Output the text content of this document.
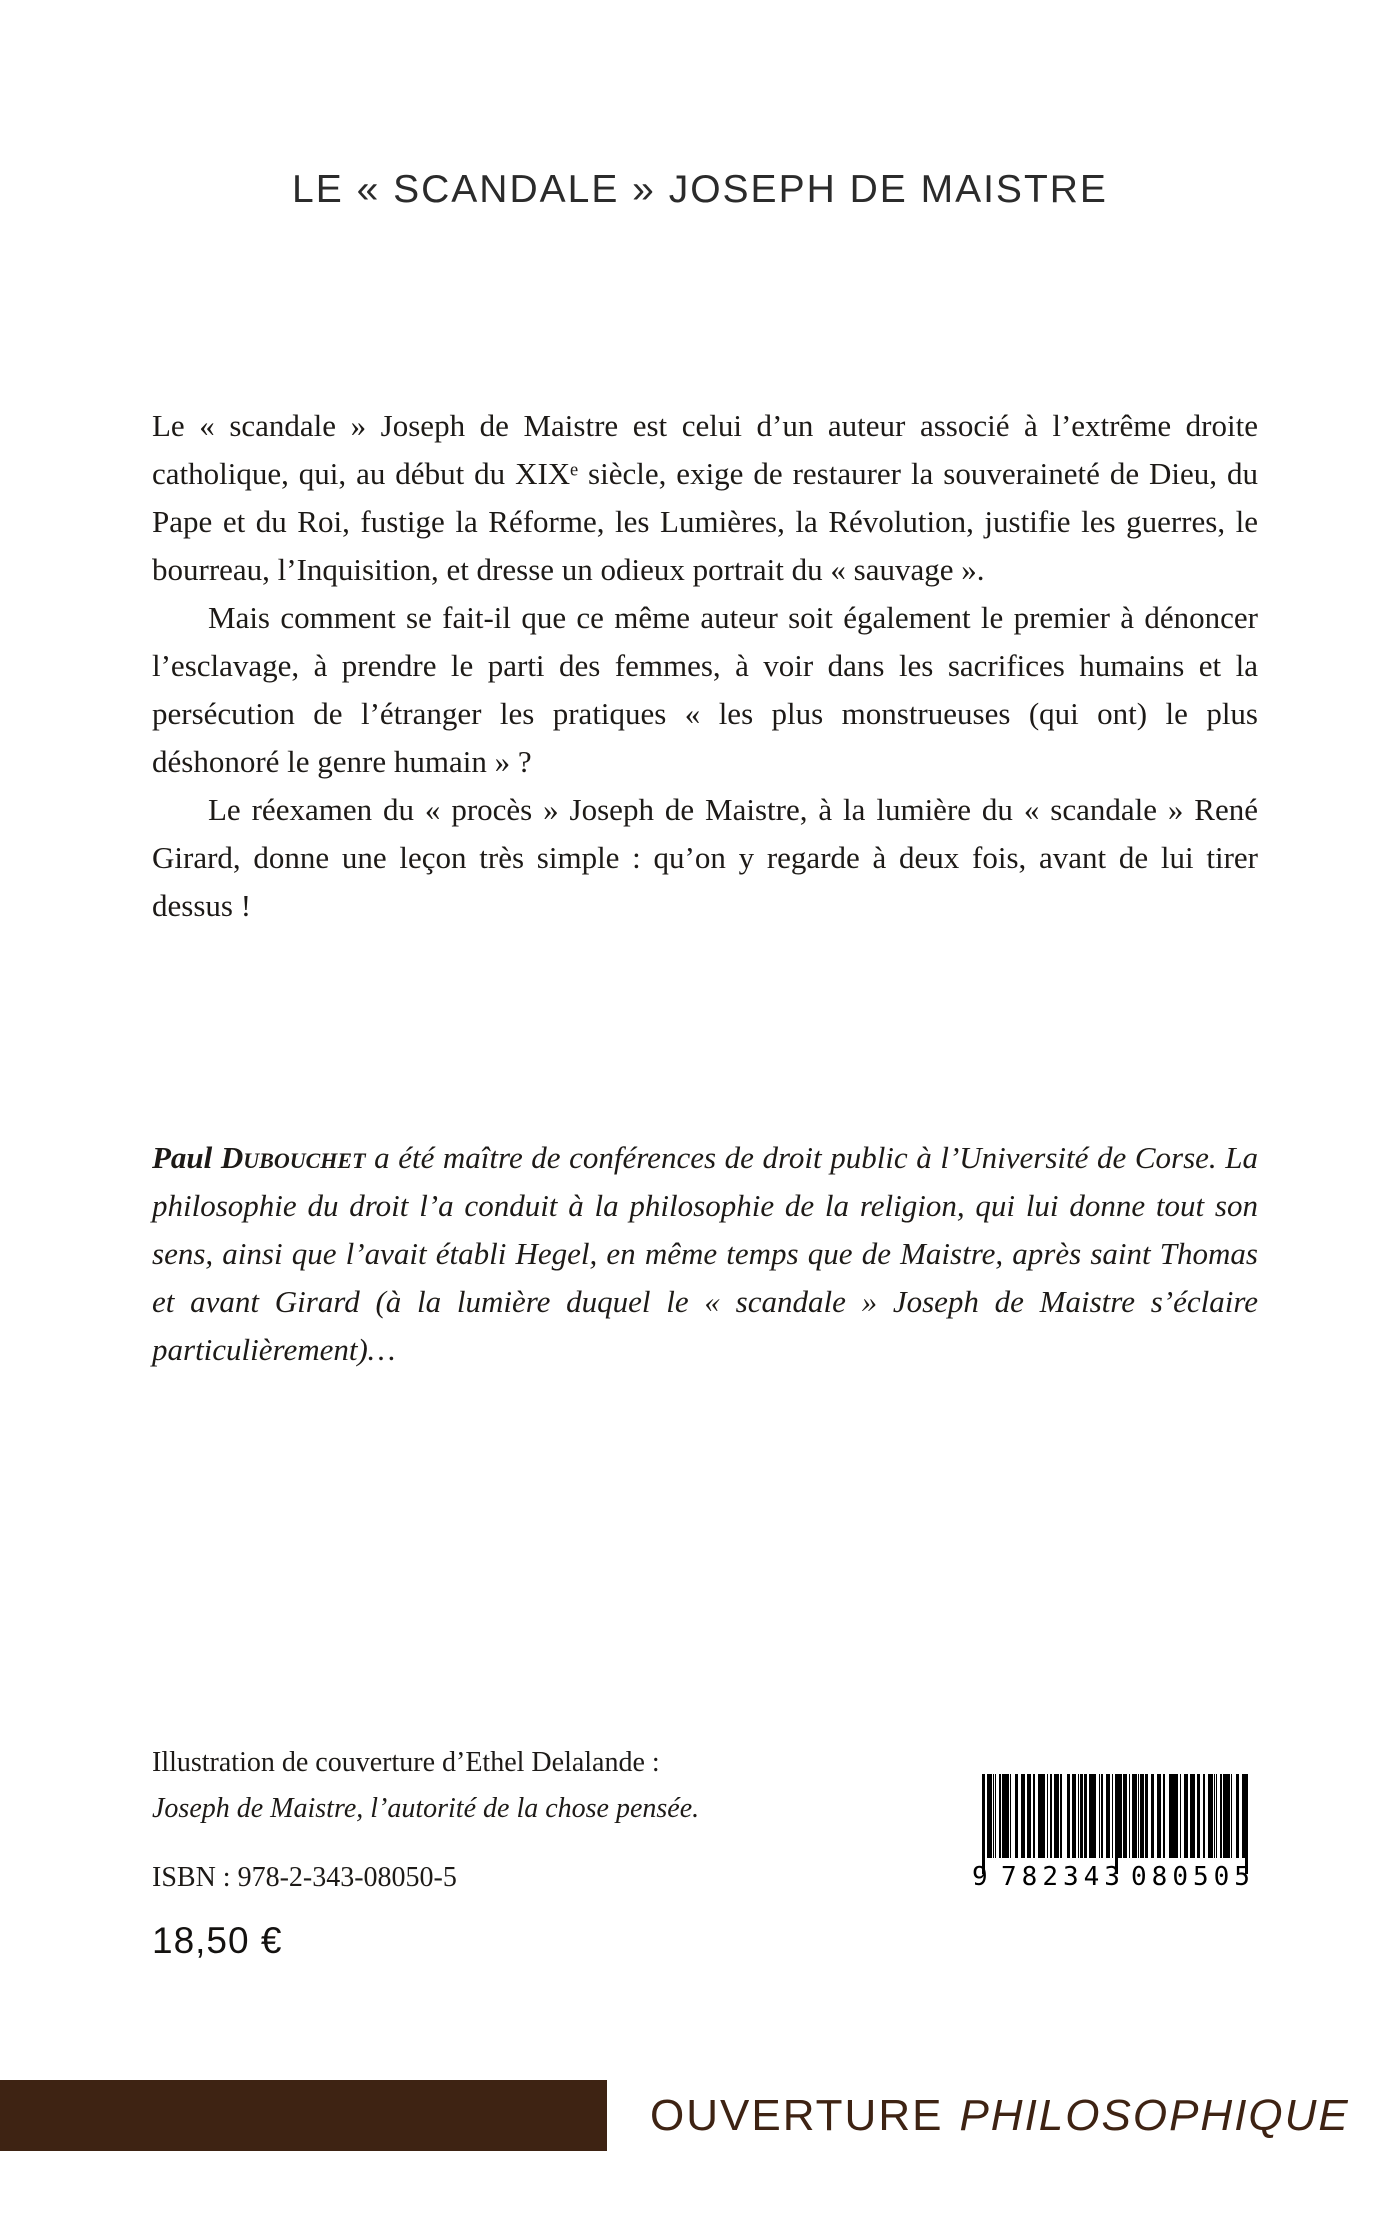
LE « SCANDALE » JOSEPH DE MAISTRE

Le « scandale » Joseph de Maistre est celui d’un auteur associé à l’extrême droite catholique, qui, au début du XIXᵉ siècle, exige de restaurer la souveraineté de Dieu, du Pape et du Roi, fustige la Réforme, les Lumières, la Révolution, justifie les guerres, le bourreau, l’Inquisition, et dresse un odieux portrait du « sauvage ».

Mais comment se fait-il que ce même auteur soit également le premier à dénoncer l’esclavage, à prendre le parti des femmes, à voir dans les sacrifices humains et la persécution de l’étranger les pratiques « les plus monstrueuses (qui ont) le plus déshonoré le genre humain » ?

Le réexamen du « procès » Joseph de Maistre, à la lumière du « scandale » René Girard, donne une leçon très simple : qu’on y regarde à deux fois, avant de lui tirer dessus !

Paul Dubouchet a été maître de conférences de droit public à l’Université de Corse. La philosophie du droit l’a conduit à la philosophie de la religion, qui lui donne tout son sens, ainsi que l’avait établi Hegel, en même temps que de Maistre, après saint Thomas et avant Girard (à la lumière duquel le « scandale » Joseph de Maistre s’éclaire particulièrement)…

Illustration de couverture d’Ethel Delalande :
Joseph de Maistre, l’autorité de la chose pensée.
ISBN : 978-2-343-08050-5
18,50 €
9 782343 080505
OUVERTURE PHILOSOPHIQUE
